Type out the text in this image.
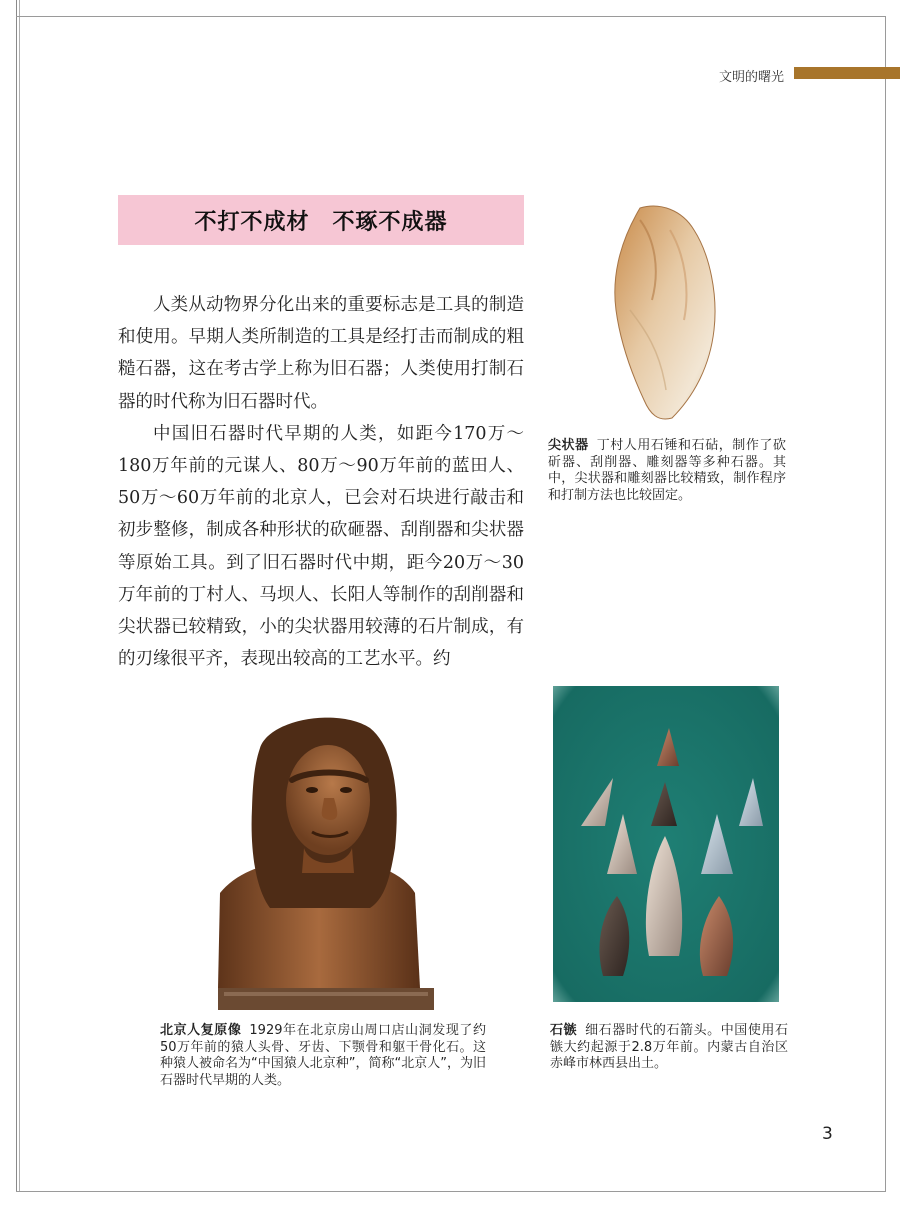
文明的曙光
不打不成材　不琢不成器

人类从动物界分化出来的重要标志是工具的制造和使用。早期人类所制造的工具是经打击而制成的粗糙石器，这在考古学上称为旧石器；人类使用打制石器的时代称为旧石器时代。

中国旧石器时代早期的人类，如距今170万～180万年前的元谋人、80万～90万年前的蓝田人、50万～60万年前的北京人，已会对石块进行敲击和初步整修，制成各种形状的砍砸器、刮削器和尖状器等原始工具。到了旧石器时代中期，距今20万～30万年前的丁村人、马坝人、长阳人等制作的刮削器和尖状器已较精致，小的尖状器用较薄的石片制成，有的刃缘很平齐，表现出较高的工艺水平。约

尖状器 丁村人用石锤和石砧，制作了砍斫器、刮削器、雕刻器等多种石器。其中，尖状器和雕刻器比较精致，制作程序和打制方法也比较固定。
北京人复原像 1929年在北京房山周口店山洞发现了约50万年前的猿人头骨、牙齿、下颚骨和躯干骨化石。这种猿人被命名为“中国猿人北京种”，简称“北京人”，为旧石器时代早期的人类。
石镞 细石器时代的石箭头。中国使用石镞大约起源于2.8万年前。内蒙古自治区赤峰市林西县出土。
3
